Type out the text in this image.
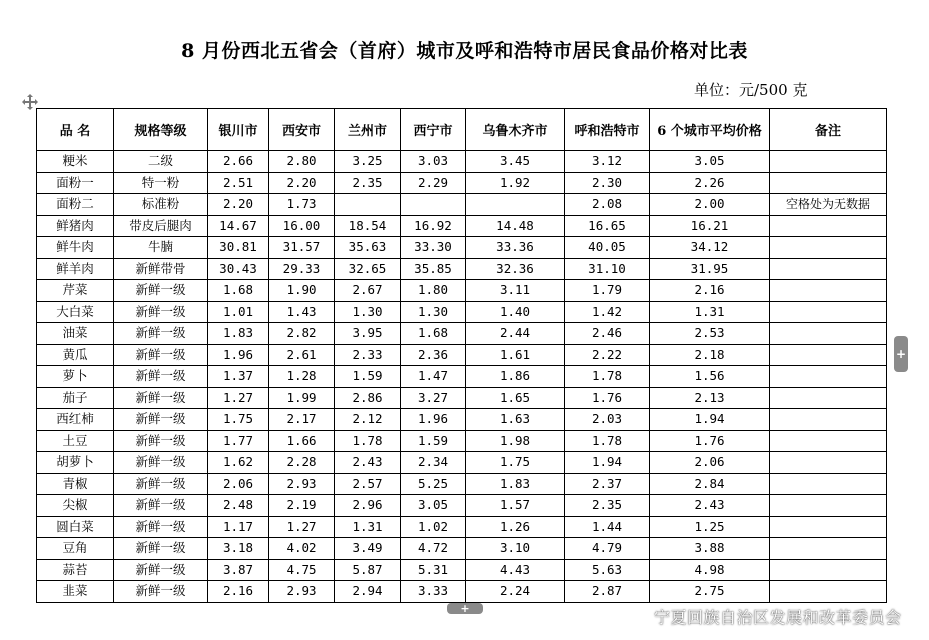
8 月份西北五省会（首府）城市及呼和浩特市居民食品价格对比表
单位：元/500 克
品 名	规格等级	银川市	西安市	兰州市	西宁市	乌鲁木齐市	呼和浩特市	6 个城市平均价格	备注
粳米	二级	2.66	2.80	3.25	3.03	3.45	3.12	3.05	
面粉一	特一粉	2.51	2.20	2.35	2.29	1.92	2.30	2.26	
面粉二	标准粉	2.20	1.73				2.08	2.00	空格处为无数据
鲜猪肉	带皮后腿肉	14.67	16.00	18.54	16.92	14.48	16.65	16.21	
鲜牛肉	牛腩	30.81	31.57	35.63	33.30	33.36	40.05	34.12	
鲜羊肉	新鲜带骨	30.43	29.33	32.65	35.85	32.36	31.10	31.95	
芹菜	新鲜一级	1.68	1.90	2.67	1.80	3.11	1.79	2.16	
大白菜	新鲜一级	1.01	1.43	1.30	1.30	1.40	1.42	1.31	
油菜	新鲜一级	1.83	2.82	3.95	1.68	2.44	2.46	2.53	
黄瓜	新鲜一级	1.96	2.61	2.33	2.36	1.61	2.22	2.18	
萝卜	新鲜一级	1.37	1.28	1.59	1.47	1.86	1.78	1.56	
茄子	新鲜一级	1.27	1.99	2.86	3.27	1.65	1.76	2.13	
西红柿	新鲜一级	1.75	2.17	2.12	1.96	1.63	2.03	1.94	
土豆	新鲜一级	1.77	1.66	1.78	1.59	1.98	1.78	1.76	
胡萝卜	新鲜一级	1.62	2.28	2.43	2.34	1.75	1.94	2.06	
青椒	新鲜一级	2.06	2.93	2.57	5.25	1.83	2.37	2.84	
尖椒	新鲜一级	2.48	2.19	2.96	3.05	1.57	2.35	2.43	
圆白菜	新鲜一级	1.17	1.27	1.31	1.02	1.26	1.44	1.25	
豆角	新鲜一级	3.18	4.02	3.49	4.72	3.10	4.79	3.88	
蒜苔	新鲜一级	3.87	4.75	5.87	5.31	4.43	5.63	4.98	
韭菜	新鲜一级	2.16	2.93	2.94	3.33	2.24	2.87	2.75	
+
+	宁夏回族自治区发展和改革委员会
